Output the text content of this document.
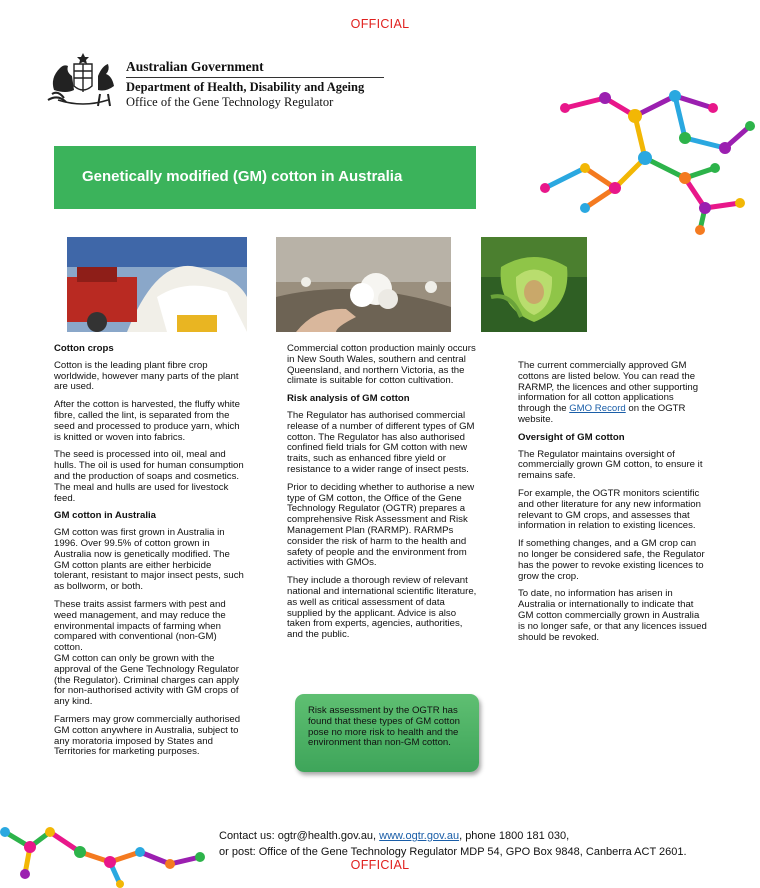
OFFICIAL
Australian Government
Department of Health, Disability and Ageing
Office of the Gene Technology Regulator
Genetically modified (GM) cotton in Australia
Cotton crops

Cotton is the leading plant fibre crop worldwide, however many parts of the plant are used.

After the cotton is harvested, the fluffy white fibre, called the lint, is separated from the seed and processed to produce yarn, which is knitted or woven into fabrics.

The seed is processed into oil, meal and hulls. The oil is used for human consumption and the production of soaps and cosmetics. The meal and hulls are used for livestock feed.

GM cotton in Australia

GM cotton was first grown in Australia in 1996. Over 99.5% of cotton grown in Australia now is genetically modified. The GM cotton plants are either herbicide tolerant, resistant to major insect pests, such as bollworm, or both.

These traits assist farmers with pest and weed management, and may reduce the environmental impacts of farming when compared with conventional (non-GM) cotton.

GM cotton can only be grown with the approval of the Gene Technology Regulator (the Regulator). Criminal charges can apply for non-authorised activity with GM crops of any kind.

Farmers may grow commercially authorised GM cotton anywhere in Australia, subject to any moratoria imposed by States and Territories for marketing purposes.

Commercial cotton production mainly occurs in New South Wales, southern and central Queensland, and northern Victoria, as the climate is suitable for cotton cultivation.

Risk analysis of GM cotton

The Regulator has authorised commercial release of a number of different types of GM cotton. The Regulator has also authorised confined field trials for GM cotton with new traits, such as enhanced fibre yield or resistance to a wider range of insect pests.

Prior to deciding whether to authorise a new type of GM cotton, the Office of the Gene Technology Regulator (OGTR) prepares a comprehensive Risk Assessment and Risk Management Plan (RARMP). RARMPs consider the risk of harm to the health and safety of people and the environment from activities with GMOs.

They include a thorough review of relevant national and international scientific literature, as well as critical assessment of data supplied by the applicant. Advice is also taken from experts, agencies, authorities, and the public.

Risk assessment by the OGTR has found that these types of GM cotton pose no more risk to health and the environment than non-GM cotton.

The current commercially approved GM cottons are listed below. You can read the RARMP, the licences and other supporting information for all cotton applications through the GMO Record on the OGTR website.

Oversight of GM cotton

The Regulator maintains oversight of commercially grown GM cotton, to ensure it remains safe.

For example, the OGTR monitors scientific and other literature for any new information relevant to GM crops, and assesses that information in relation to existing licences.

If something changes, and a GM crop can no longer be considered safe, the Regulator has the power to revoke existing licences to grow the crop.

To date, no information has arisen in Australia or internationally to indicate that GM cotton commercially grown in Australia is no longer safe, or that any licences issued should be revoked.

Contact us: ogtr@health.gov.au, www.ogtr.gov.au, phone 1800 181 030,
or post: Office of the Gene Technology Regulator MDP 54, GPO Box 9848, Canberra ACT 2601.
OFFICIAL
